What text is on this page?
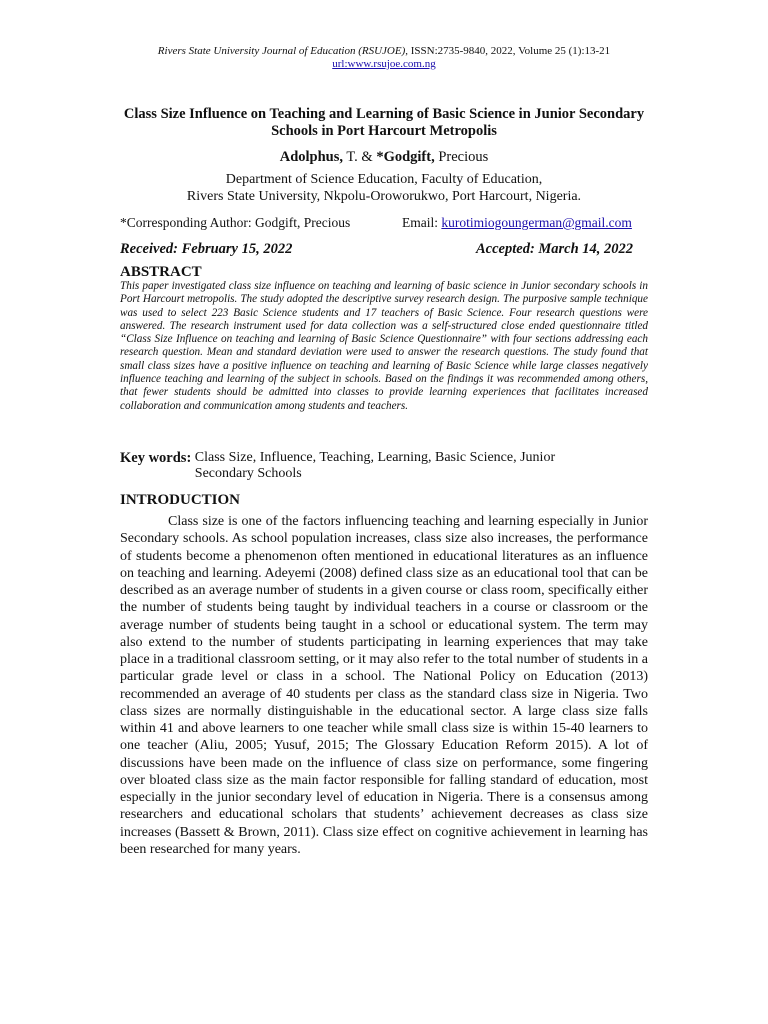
Rivers State University Journal of Education (RSUJOE), ISSN:2735-9840, 2022, Volume 25 (1):13-21
url:www.rsujoe.com.ng
Class Size Influence on Teaching and Learning of Basic Science in Junior Secondary Schools in Port Harcourt Metropolis
Adolphus, T. & *Godgift, Precious
Department of Science Education, Faculty of Education,
Rivers State University, Nkpolu-Oroworukwo, Port Harcourt, Nigeria.
*Corresponding Author: Godgift, Precious	Email: kurotimiogoungerman@gmail.com
Received: February 15, 2022	Accepted: March 14, 2022
ABSTRACT
This paper investigated class size influence on teaching and learning of basic science in Junior secondary schools in Port Harcourt metropolis. The study adopted the descriptive survey research design. The purposive sample technique was used to select 223 Basic Science students and 17 teachers of Basic Science. Four research questions were answered. The research instrument used for data collection was a self-structured close ended questionnaire titled “Class Size Influence on teaching and learning of Basic Science Questionnaire” with four sections addressing each research question. Mean and standard deviation were used to answer the research questions. The study found that small class sizes have a positive influence on teaching and learning of Basic Science while large classes negatively influence teaching and learning of the subject in schools. Based on the findings it was recommended among others, that fewer students should be admitted into classes to provide learning experiences that facilitates increased collaboration and communication among students and teachers.
Key words: Class Size, Influence, Teaching, Learning, Basic Science, Junior Secondary Schools
INTRODUCTION
Class size is one of the factors influencing teaching and learning especially in Junior Secondary schools. As school population increases, class size also increases, the performance of students become a phenomenon often mentioned in educational literatures as an influence on teaching and learning. Adeyemi (2008) defined class size as an educational tool that can be described as an average number of students in a given course or class room, specifically either the number of students being taught by individual teachers in a course or classroom or the average number of students being taught in a school or educational system. The term may also extend to the number of students participating in learning experiences that may take place in a traditional classroom setting, or it may also refer to the total number of students in a particular grade level or class in a school. The National Policy on Education (2013) recommended an average of 40 students per class as the standard class size in Nigeria. Two class sizes are normally distinguishable in the educational sector. A large class size falls within 41 and above learners to one teacher while small class size is within 15-40 learners to one teacher (Aliu, 2005; Yusuf, 2015; The Glossary Education Reform 2015). A lot of discussions have been made on the influence of class size on performance, some fingering over bloated class size as the main factor responsible for falling standard of education, most especially in the junior secondary level of education in Nigeria. There is a consensus among researchers and educational scholars that students’ achievement decreases as class size increases (Bassett & Brown, 2011). Class size effect on cognitive achievement in learning has been researched for many years.
